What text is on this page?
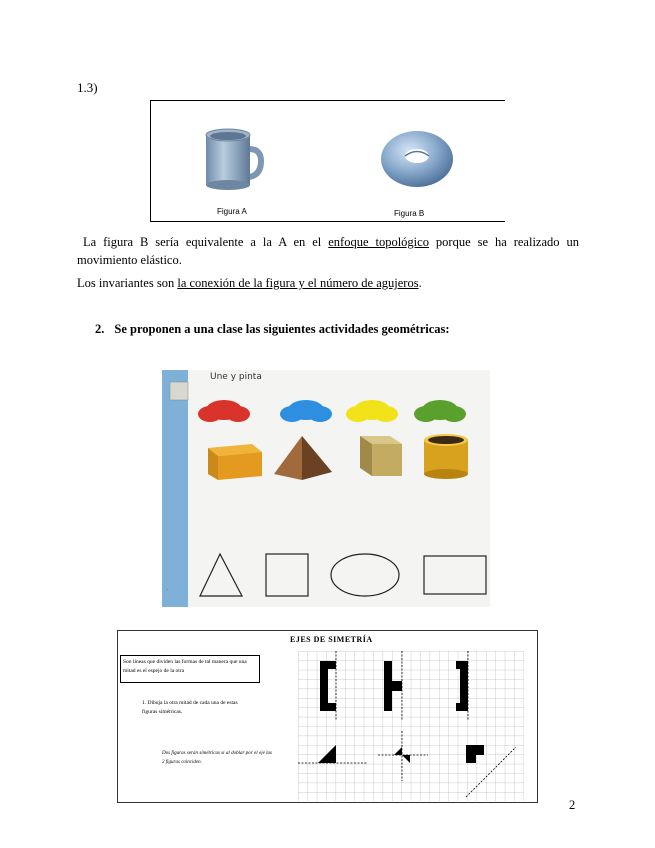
1.3)
Figura A	Figura B
La figura B sería equivalente a la A en el enfoque topológico porque se ha realizado un
movimiento elástico.
Los invariantes son la conexión de la figura y el número de agujeros.
2. Se proponen a una clase las siguientes actividades geométricas:
.
Une y pinta
EJES DE SIMETRÍA
Son líneas que dividen las formas de tal manera que una mitad es el espejo de la otra
1. Dibuja la otra mitad de cada una de estas figuras simétricas.
Dos figuras serán simétricas si al doblar por el eje las 2 figuras coinciden.
2
